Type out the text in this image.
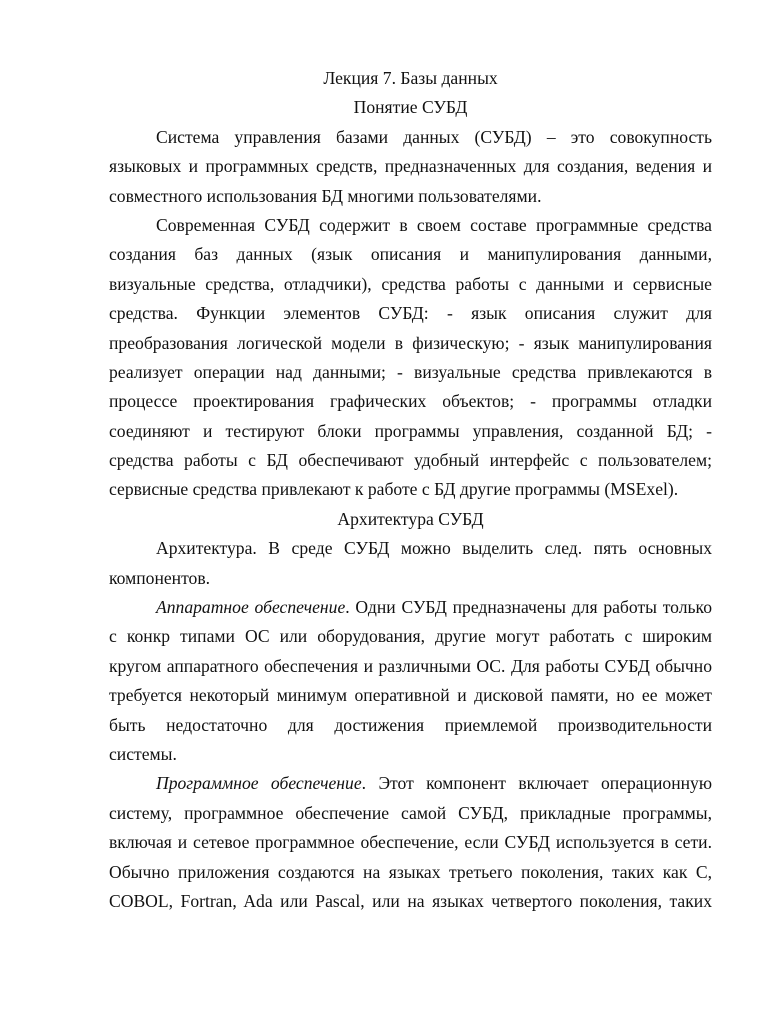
Лекция 7. Базы данных
Понятие СУБД
Система управления базами данных (СУБД) – это совокупность
языковых и программных средств, предназначенных для создания, ведения и
совместного использования БД многими пользователями.
Современная СУБД содержит в своем составе программные средства
создания баз данных (язык описания и манипулирования данными,
визуальные средства, отладчики), средства работы с данными и сервисные
средства. Функции элементов СУБД: - язык описания служит для
преобразования логической модели в физическую; - язык манипулирования
реализует операции над данными; - визуальные средства привлекаются в
процессе проектирования графических объектов; - программы отладки
соединяют и тестируют блоки программы управления, созданной БД; -
средства работы с БД обеспечивают удобный интерфейс с пользователем;
сервисные средства привлекают к работе с БД другие программы (MSExel).
Архитектура СУБД
Архитектура. В среде СУБД можно выделить след. пять основных
компонентов.
Аппаратное обеспечение. Одни СУБД предназначены для работы только
с конкр типами ОС или оборудования, другие могут работать с широким
кругом аппаратного обеспечения и различными ОС. Для работы СУБД обычно
требуется некоторый минимум оперативной и дисковой памяти, но ее может
быть недостаточно для достижения приемлемой производительности
системы.
Программное обеспечение. Этот компонент включает операционную
систему, программное обеспечение самой СУБД, прикладные программы,
включая и сетевое программное обеспечение, если СУБД используется в сети.
Обычно приложения создаются на языках третьего поколения, таких как С,
COBOL, Fortran, Ada или Pascal, или на языках четвертого поколения, таких
